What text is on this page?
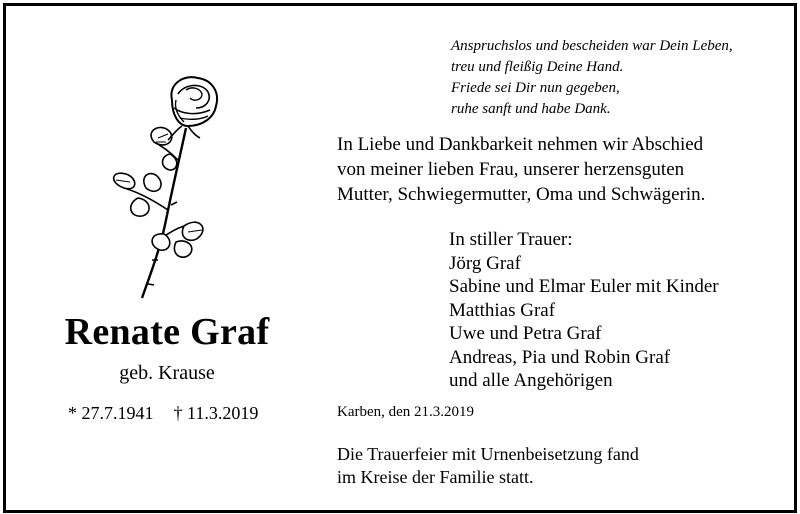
Renate Graf
geb. Krause
* 27.7.1941 † 11.3.2019
Anspruchslos und bescheiden war Dein Leben,
treu und fleißig Deine Hand.
Friede sei Dir nun gegeben,
ruhe sanft und habe Dank.
In Liebe und Dankbarkeit nehmen wir Abschied
von meiner lieben Frau, unserer herzensguten
Mutter, Schwiegermutter, Oma und Schwägerin.
In stiller Trauer:
Jörg Graf
Sabine und Elmar Euler mit Kinder
Matthias Graf
Uwe und Petra Graf
Andreas, Pia und Robin Graf
und alle Angehörigen
Karben, den 21.3.2019
Die Trauerfeier mit Urnenbeisetzung fand
im Kreise der Familie statt.
